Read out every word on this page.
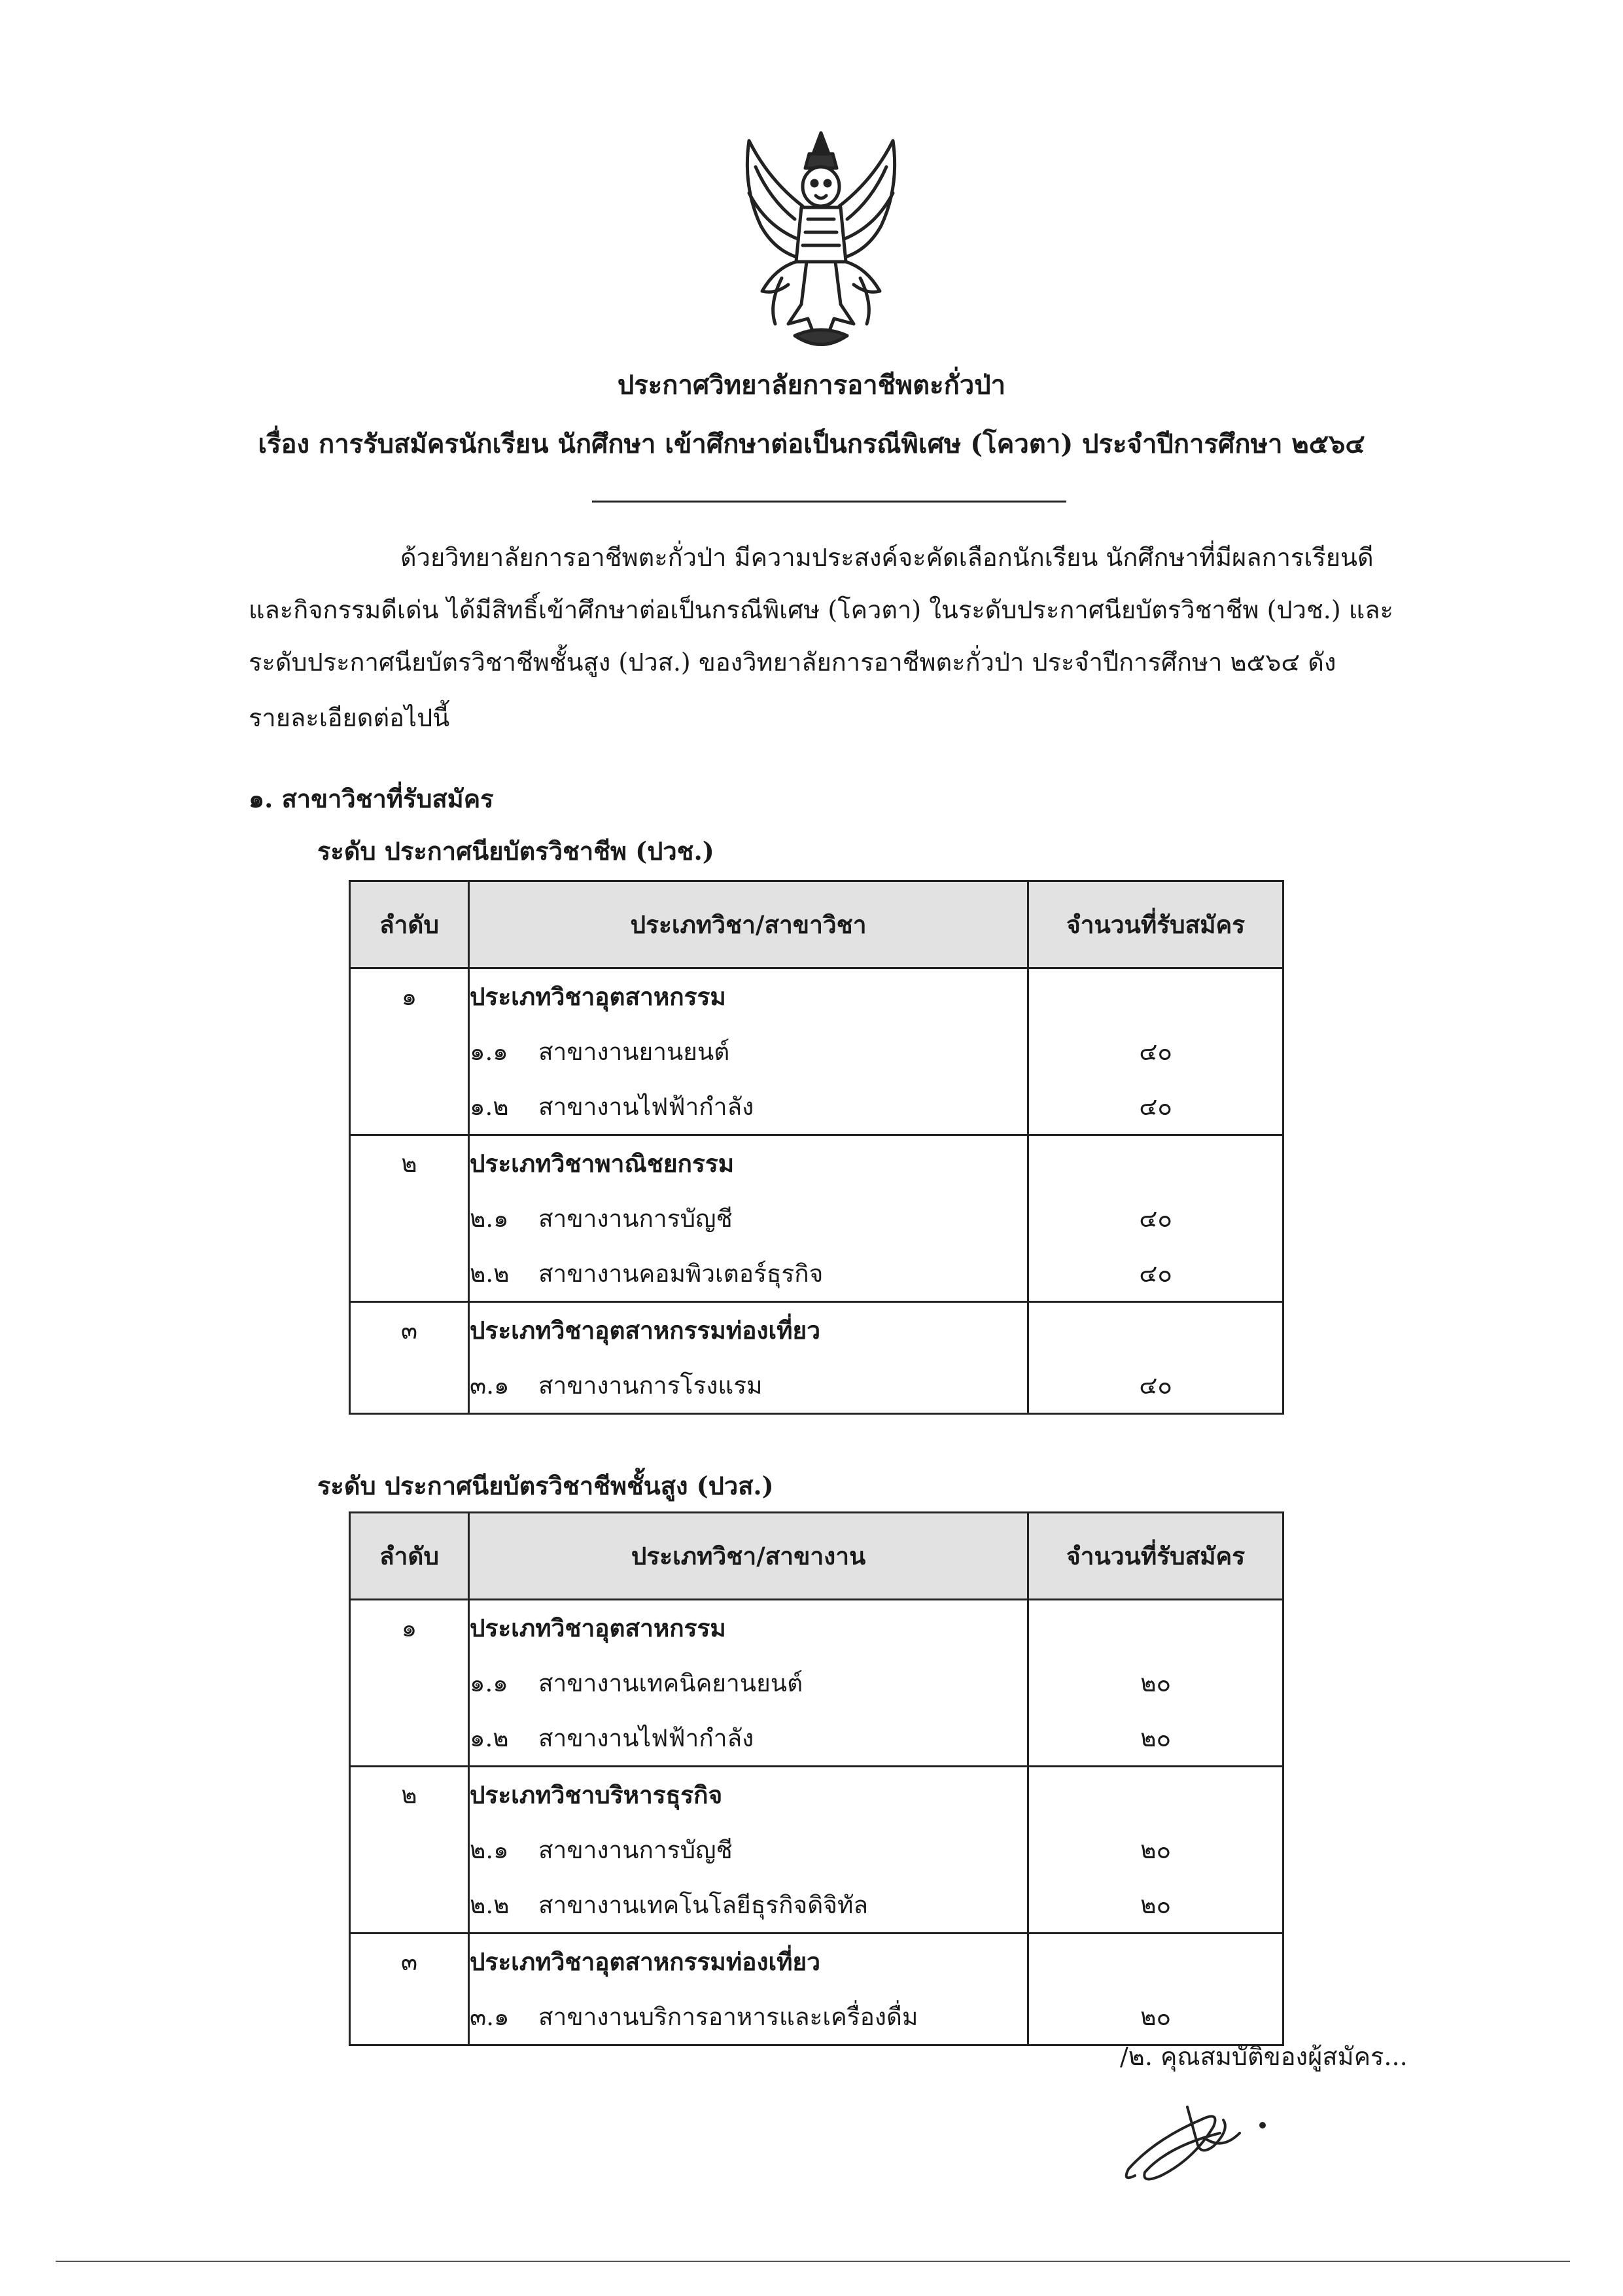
ประกาศวิทยาลัยการอาชีพตะกั่วป่า
เรื่อง การรับสมัครนักเรียน นักศึกษา เข้าศึกษาต่อเป็นกรณีพิเศษ (โควตา) ประจำปีการศึกษา ๒๕๖๔
ด้วยวิทยาลัยการอาชีพตะกั่วป่า มีความประสงค์จะคัดเลือกนักเรียน นักศึกษาที่มีผลการเรียนดี
และกิจกรรมดีเด่น ได้มีสิทธิ์เข้าศึกษาต่อเป็นกรณีพิเศษ (โควตา) ในระดับประกาศนียบัตรวิชาชีพ (ปวช.) และ
ระดับประกาศนียบัตรวิชาชีพชั้นสูง (ปวส.) ของวิทยาลัยการอาชีพตะกั่วป่า ประจำปีการศึกษา ๒๕๖๔ ดัง
รายละเอียดต่อไปนี้
๑. สาขาวิชาที่รับสมัคร
ระดับ ประกาศนียบัตรวิชาชีพ (ปวช.)
ลำดับ	ประเภทวิชา/สาขาวิชา	จำนวนที่รับสมัคร
๑	ประเภทวิชาอุตสาหกรรม	
	๑.๑ สาขางานยานยนต์	๔๐
	๑.๒ สาขางานไฟฟ้ากำลัง	๔๐
๒	ประเภทวิชาพาณิชยกรรม	
	๒.๑ สาขางานการบัญชี	๔๐
	๒.๒ สาขางานคอมพิวเตอร์ธุรกิจ	๔๐
๓	ประเภทวิชาอุตสาหกรรมท่องเที่ยว	
	๓.๑ สาขางานการโรงแรม	๔๐
ระดับ ประกาศนียบัตรวิชาชีพชั้นสูง (ปวส.)
ลำดับ	ประเภทวิชา/สาขางาน	จำนวนที่รับสมัคร
๑	ประเภทวิชาอุตสาหกรรม	
	๑.๑ สาขางานเทคนิคยานยนต์	๒๐
	๑.๒ สาขางานไฟฟ้ากำลัง	๒๐
๒	ประเภทวิชาบริหารธุรกิจ	
	๒.๑ สาขางานการบัญชี	๒๐
	๒.๒ สาขางานเทคโนโลยีธุรกิจดิจิทัล	๒๐
๓	ประเภทวิชาอุตสาหกรรมท่องเที่ยว	
	๓.๑ สาขางานบริการอาหารและเครื่องดื่ม	๒๐
/๒. คุณสมบัติของผู้สมัคร...
